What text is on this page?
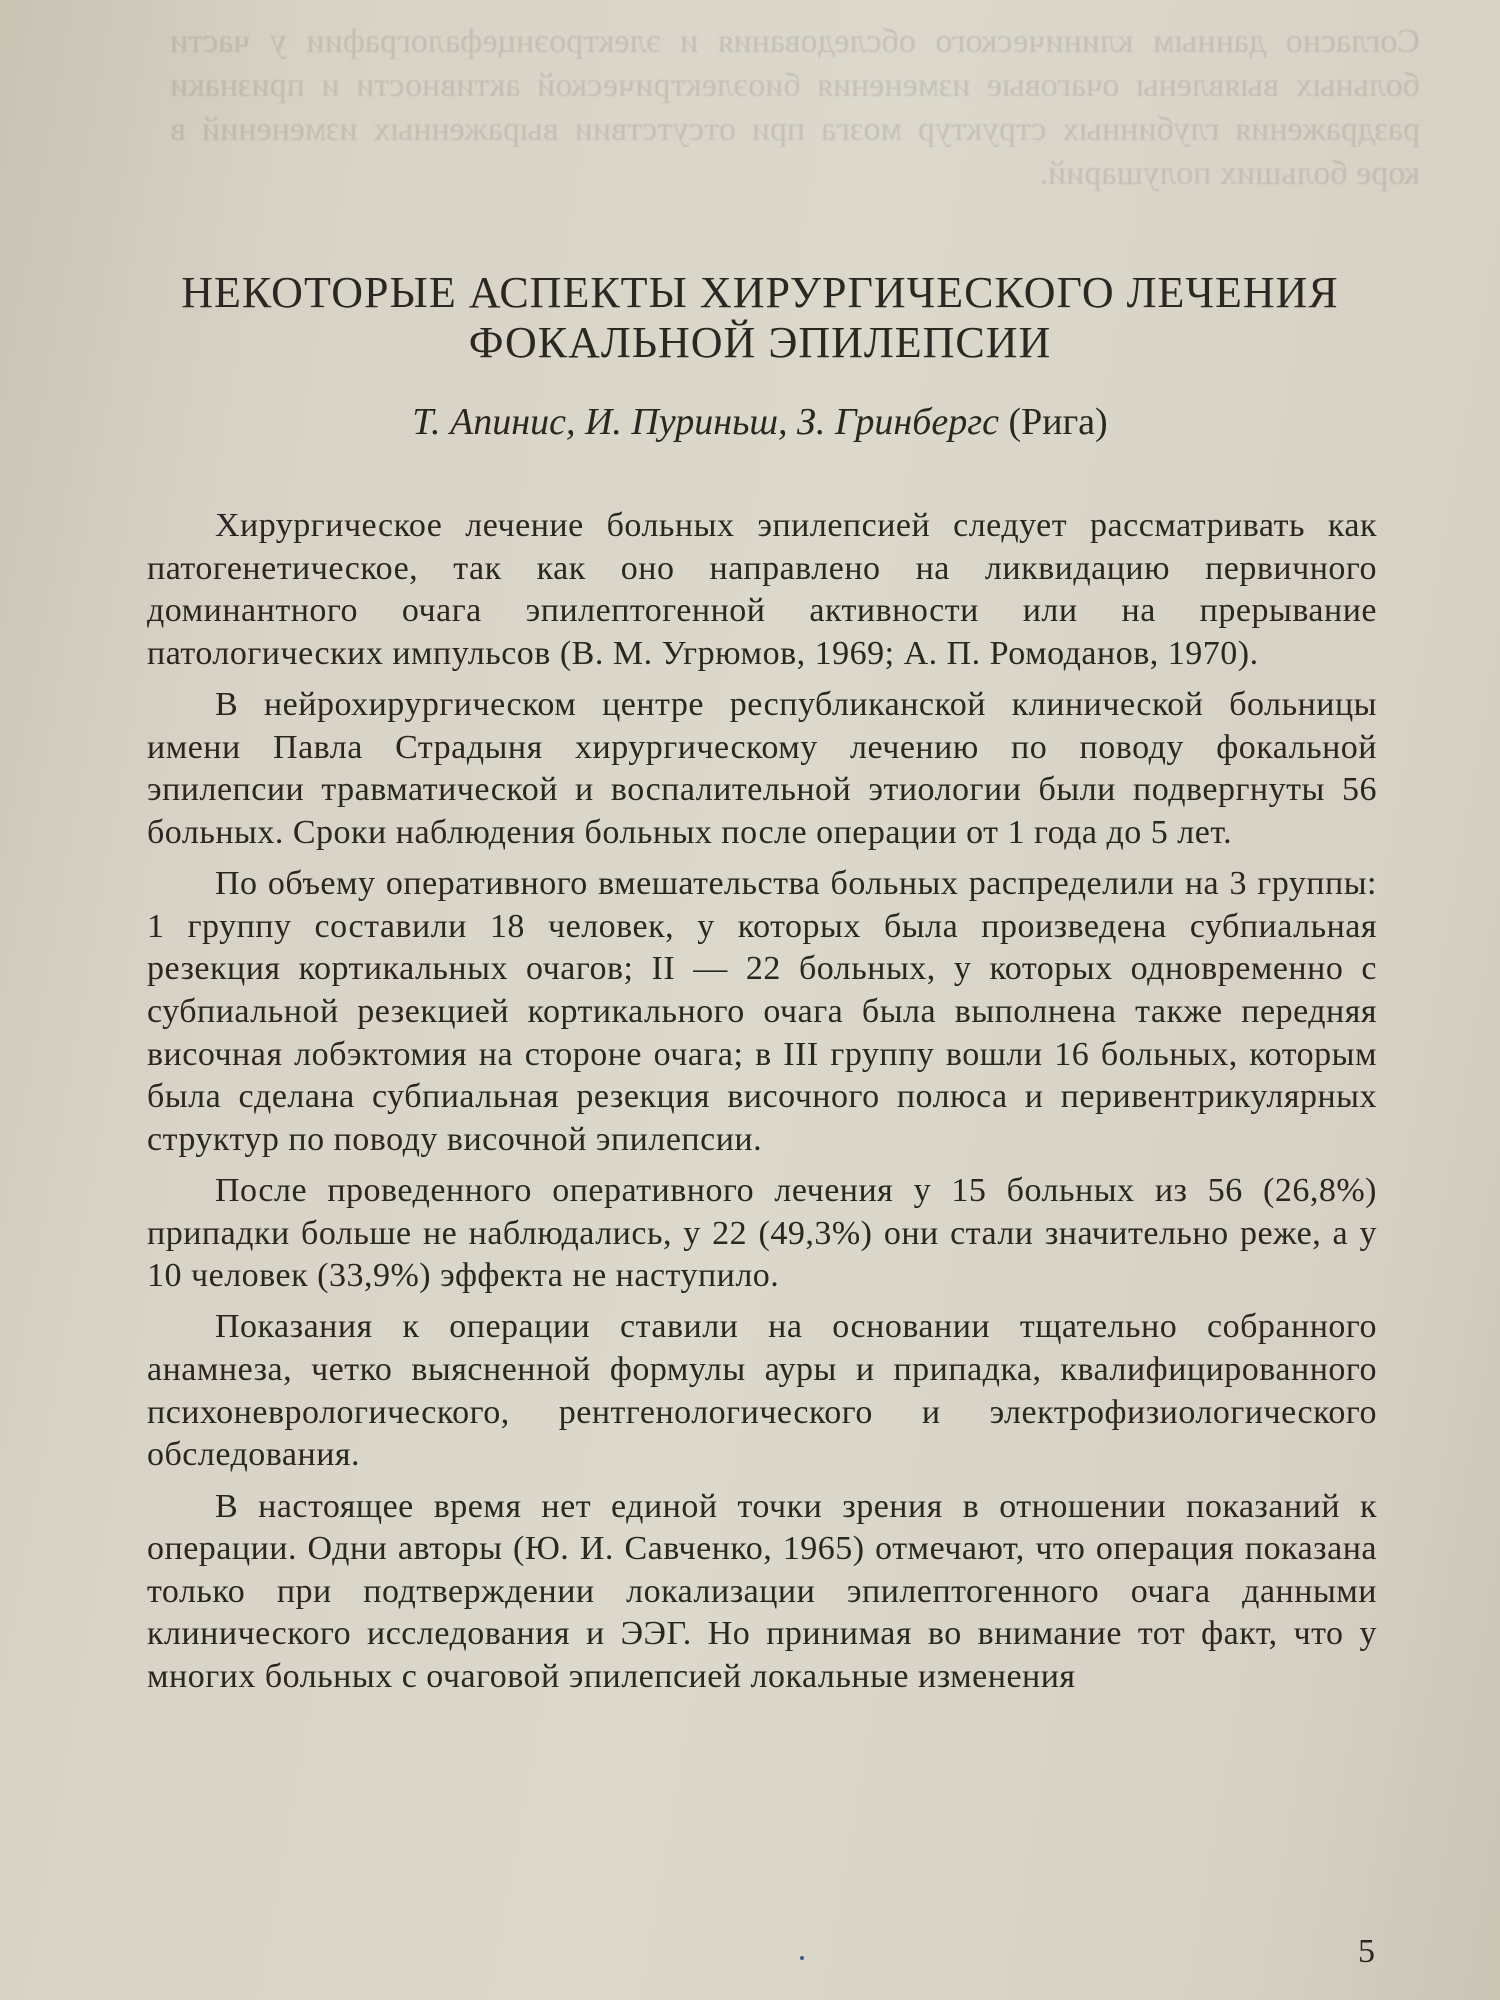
Согласно данным клинического обследования и электроэнцефалографии у части больных выявлены очаговые изменения биоэлектрической активности и признаки раздражения глубинных структур мозга при отсутствии выраженных изменений в коре больших полушарий.

НЕКОТОРЫЕ АСПЕКТЫ ХИРУРГИЧЕСКОГО ЛЕЧЕНИЯ
ФОКАЛЬНОЙ ЭПИЛЕПСИИ
Т. Апинис, И. Пуриньш, З. Гринбергс (Рига)

Хирургическое лечение больных эпилепсией следует рассматривать как патогенетическое, так как оно направлено на ликвидацию первичного доминантного очага эпилептогенной активности или на прерывание патологических импульсов (В. М. Угрюмов, 1969; А. П. Ромоданов, 1970).

В нейрохирургическом центре республиканской клинической больницы имени Павла Страдыня хирургическому лечению по поводу фокальной эпилепсии травматической и воспалительной этиологии были подвергнуты 56 больных. Сроки наблюдения больных после операции от 1 года до 5 лет.

По объему оперативного вмешательства больных распределили на 3 группы: 1 группу составили 18 человек, у которых была произведена субпиальная резекция кортикальных очагов; II — 22 больных, у которых одновременно с субпиальной резекцией кортикального очага была выполнена также передняя височная лобэктомия на стороне очага; в III группу вошли 16 больных, которым была сделана субпиальная резекция височного полюса и перивентрикулярных структур по поводу височной эпилепсии.

После проведенного оперативного лечения у 15 больных из 56 (26,8%) припадки больше не наблюдались, у 22 (49,3%) они стали значительно реже, а у 10 человек (33,9%) эффекта не наступило.

Показания к операции ставили на основании тщательно собранного анамнеза, четко выясненной формулы ауры и припадка, квалифицированного психоневрологического, рентгенологического и электрофизиологического обследования.

В настоящее время нет единой точки зрения в отношении показаний к операции. Одни авторы (Ю. И. Савченко, 1965) отмечают, что операция показана только при подтверждении локализации эпилептогенного очага данными клинического исследования и ЭЭГ. Но принимая во внимание тот факт, что у многих больных с очаговой эпилепсией локальные изменения

5
